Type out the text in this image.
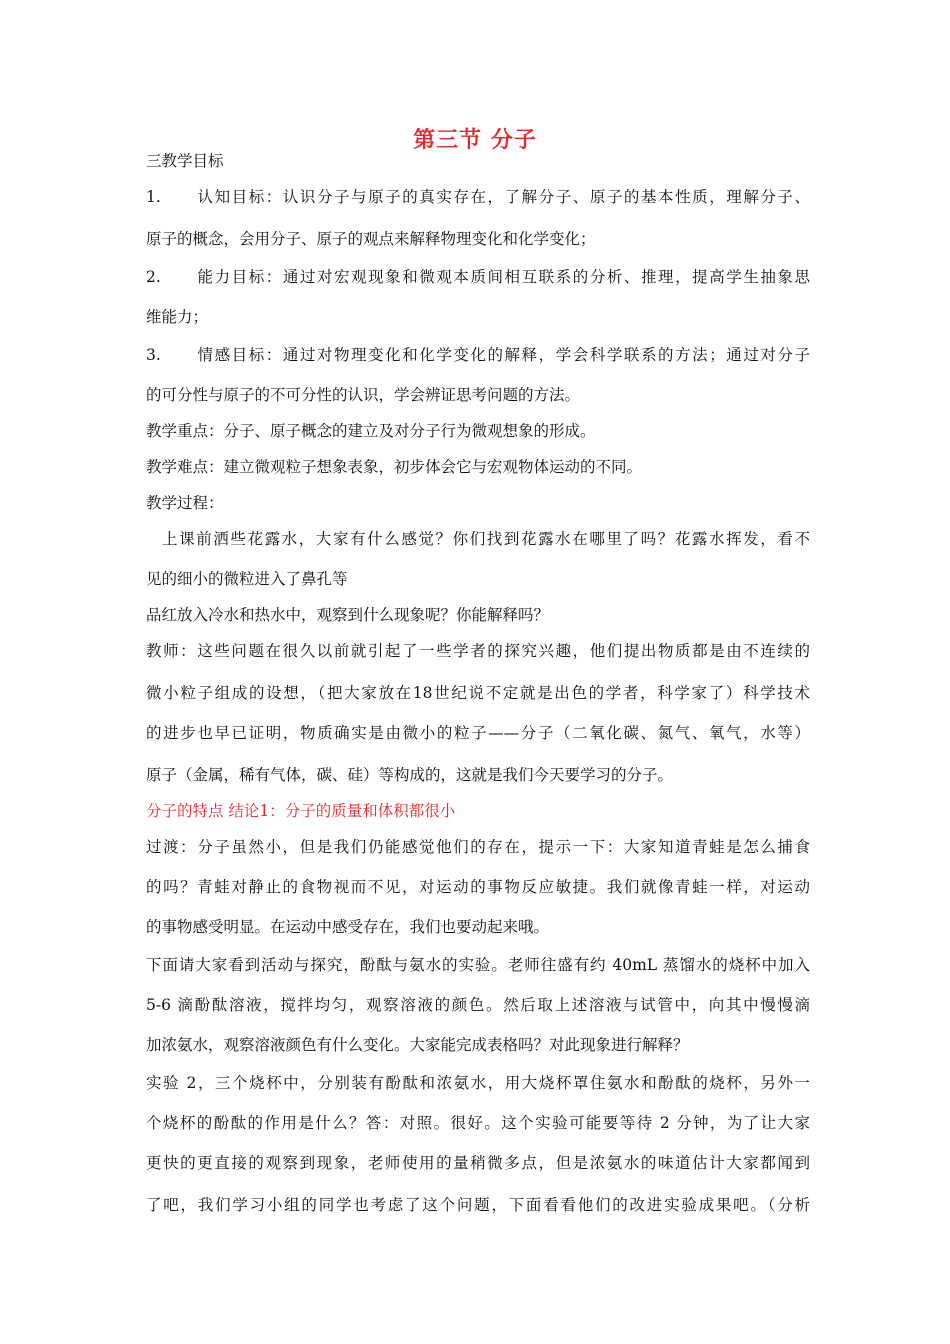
第三节 分子
三教学目标
1. 认知目标：认识分子与原子的真实存在，了解分子、原子的基本性质，理解分子、
原子的概念，会用分子、原子的观点来解释物理变化和化学变化；
2. 能力目标：通过对宏观现象和微观本质间相互联系的分析、推理，提高学生抽象思
维能力；
3. 情感目标：通过对物理变化和化学变化的解释，学会科学联系的方法；通过对分子
的可分性与原子的不可分性的认识，学会辨证思考问题的方法。
教学重点：分子、原子概念的建立及对分子行为微观想象的形成。
教学难点：建立微观粒子想象表象，初步体会它与宏观物体运动的不同。
教学过程：
上课前洒些花露水，大家有什么感觉？你们找到花露水在哪里了吗？花露水挥发，看不
见的细小的微粒进入了鼻孔等
品红放入冷水和热水中，观察到什么现象呢？你能解释吗？
教师：这些问题在很久以前就引起了一些学者的探究兴趣，他们提出物质都是由不连续的
微小粒子组成的设想，（把大家放在18世纪说不定就是出色的学者，科学家了）科学技术
的进步也早已证明，物质确实是由微小的粒子——分子（二氧化碳、氮气、氧气，水等）
原子（金属，稀有气体，碳、硅）等构成的，这就是我们今天要学习的分子。
分子的特点 结论1：分子的质量和体积都很小
过渡：分子虽然小，但是我们仍能感觉他们的存在，提示一下：大家知道青蛙是怎么捕食
的吗？青蛙对静止的食物视而不见，对运动的事物反应敏捷。我们就像青蛙一样，对运动
的事物感受明显。在运动中感受存在，我们也要动起来哦。
下面请大家看到活动与探究，酚酞与氨水的实验。老师往盛有约 40mL 蒸馏水的烧杯中加入
5-6 滴酚酞溶液，搅拌均匀，观察溶液的颜色。然后取上述溶液与试管中，向其中慢慢滴
加浓氨水，观察溶液颜色有什么变化。大家能完成表格吗？对此现象进行解释？
实验 2，三个烧杯中，分别装有酚酞和浓氨水，用大烧杯罩住氨水和酚酞的烧杯，另外一
个烧杯的酚酞的作用是什么？答：对照。很好。这个实验可能要等待 2 分钟，为了让大家
更快的更直接的观察到现象，老师使用的量稍微多点，但是浓氨水的味道估计大家都闻到
了吧，我们学习小组的同学也考虑了这个问题，下面看看他们的改进实验成果吧。（分析
